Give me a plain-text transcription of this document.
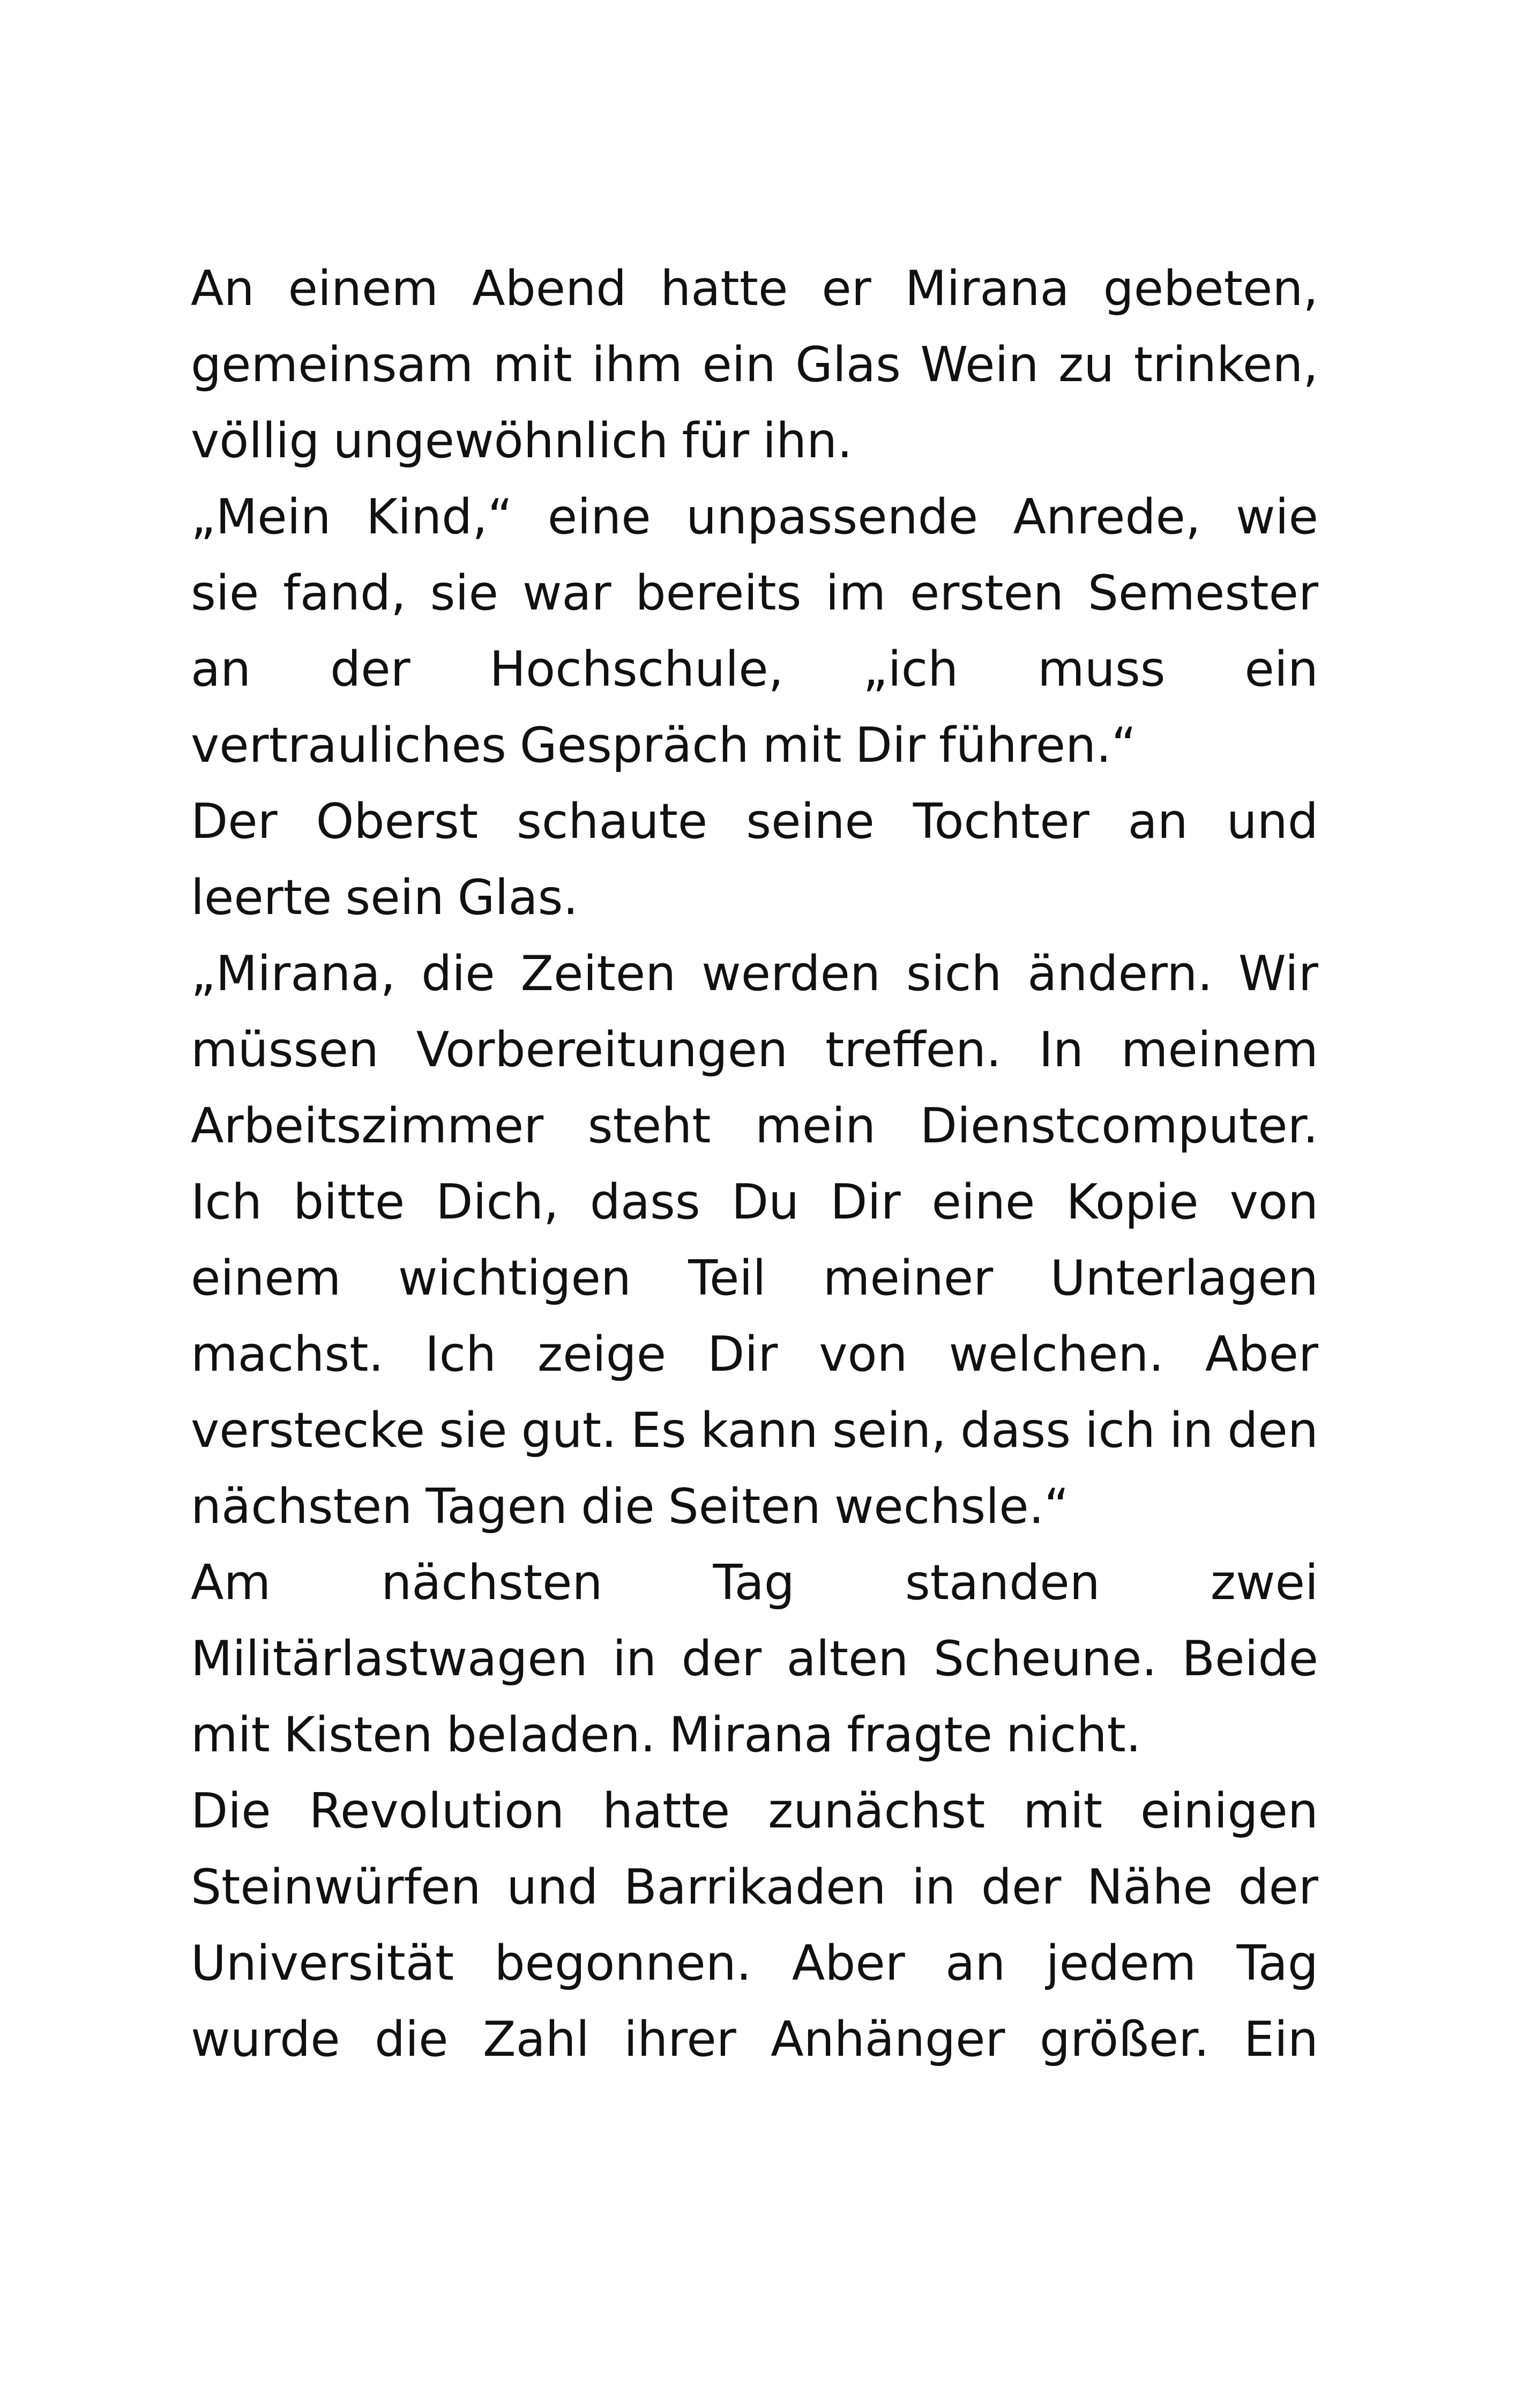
An einem Abend hatte er Mirana gebeten,
gemeinsam mit ihm ein Glas Wein zu trinken,
völlig ungewöhnlich für ihn.
„Mein Kind,“ eine unpassende Anrede, wie
sie fand, sie war bereits im ersten Semester
an der Hochschule, „ich muss ein
vertrauliches Gespräch mit Dir führen.“
Der Oberst schaute seine Tochter an und
leerte sein Glas.
„Mirana, die Zeiten werden sich ändern. Wir
müssen Vorbereitungen treffen. In meinem
Arbeitszimmer steht mein Dienstcomputer.
Ich bitte Dich, dass Du Dir eine Kopie von
einem wichtigen Teil meiner Unterlagen
machst. Ich zeige Dir von welchen. Aber
verstecke sie gut. Es kann sein, dass ich in den
nächsten Tagen die Seiten wechsle.“
Am nächsten Tag standen zwei
Militärlastwagen in der alten Scheune. Beide
mit Kisten beladen. Mirana fragte nicht.
Die Revolution hatte zunächst mit einigen
Steinwürfen und Barrikaden in der Nähe der
Universität begonnen. Aber an jedem Tag
wurde die Zahl ihrer Anhänger größer. Ein
